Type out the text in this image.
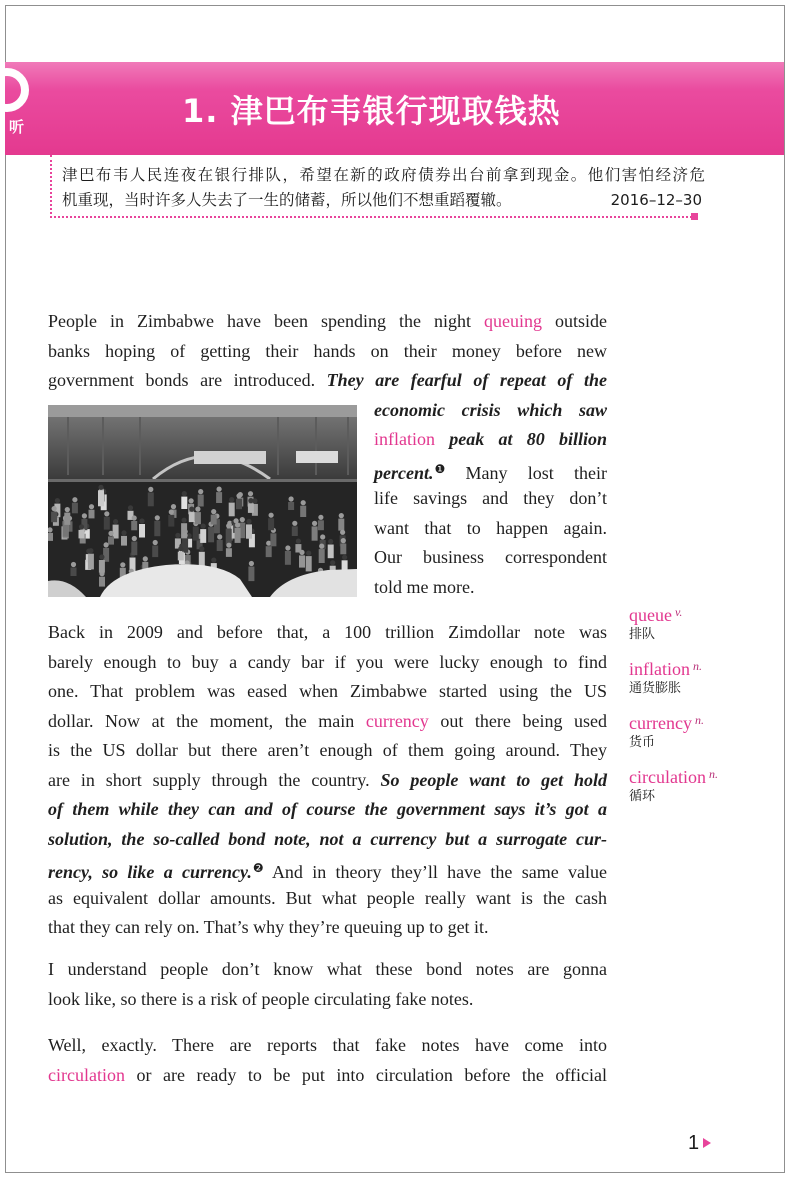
听	1. 津巴布韦银行现取钱热
津巴布韦人民连夜在银行排队，希望在新的政府债券出台前拿到现金。他们害怕经济危
机重现，当时许多人失去了一生的储蓄，所以他们不想重蹈覆辙。	2016–12–30
People in Zimbabwe have been spending the night queuing outside
banks hoping of getting their hands on their money before new
government bonds are introduced. They are fearful of repeat of the
economic crisis which saw
inflation peak at 80 billion
percent.$^❶$ Many lost their
life savings and they don’t
want that to happen again.
Our business correspondent
told me more.
Back in 2009 and before that, a 100 trillion Zimdollar note was
barely enough to buy a candy bar if you were lucky enough to find
one. That problem was eased when Zimbabwe started using the US
dollar. Now at the moment, the main currency out there being used
is the US dollar but there aren’t enough of them going around. They
are in short supply through the country. So people want to get hold
of them while they can and of course the government says it’s got a
solution, the so-called bond note, not a currency but a surrogate cur-
rency, so like a currency.$^❷$ And in theory they’ll have the same value
as equivalent dollar amounts. But what people really want is the cash
that they can rely on. That’s why they’re queuing up to get it.
I understand people don’t know what these bond notes are gonna
look like, so there is a risk of people circulating fake notes.
Well, exactly. There are reports that fake notes have come into
circulation or are ready to be put into circulation before the official
queue $^{v.}$
排队
inflation $^{n.}$
通货膨胀
currency $^{n.}$
货币
circulation $^{n.}$
循环
1
